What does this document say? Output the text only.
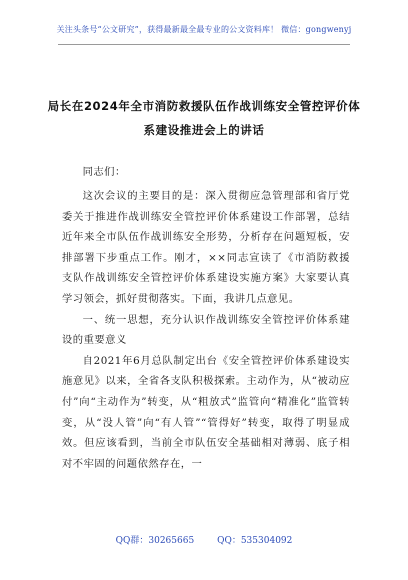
关注头条号“公文研究”，获得最新最全最专业的公文资料库！ 微信：gongwenyj
局长在2024年全市消防救援队伍作战训练安全管控评价体
系建设推进会上的讲话

同志们：

这次会议的主要目的是：深入贯彻应急管理部和省厅党委关于推进作战训练安全管控评价体系建设工作部署，总结近年来全市队伍作战训练安全形势，分析存在问题短板，安排部署下步重点工作。刚才，××同志宣读了《市消防救援支队作战训练安全管控评价体系建设实施方案》大家要认真学习领会，抓好贯彻落实。下面，我讲几点意见。

一、统一思想，充分认识作战训练安全管控评价体系建设的重要意义

自2021年6月总队制定出台《安全管控评价体系建设实施意见》以来，全省各支队积极探索。主动作为，从“被动应付”向“主动作为”转变，从“粗放式”监管向“精准化”监管转变，从“没人管”向“有人管”“管得好”转变，取得了明显成效。但应该看到，当前全市队伍安全基础相对薄弱、底子相对不牢固的问题依然存在，一

QQ群：30265665	QQ：535304092
